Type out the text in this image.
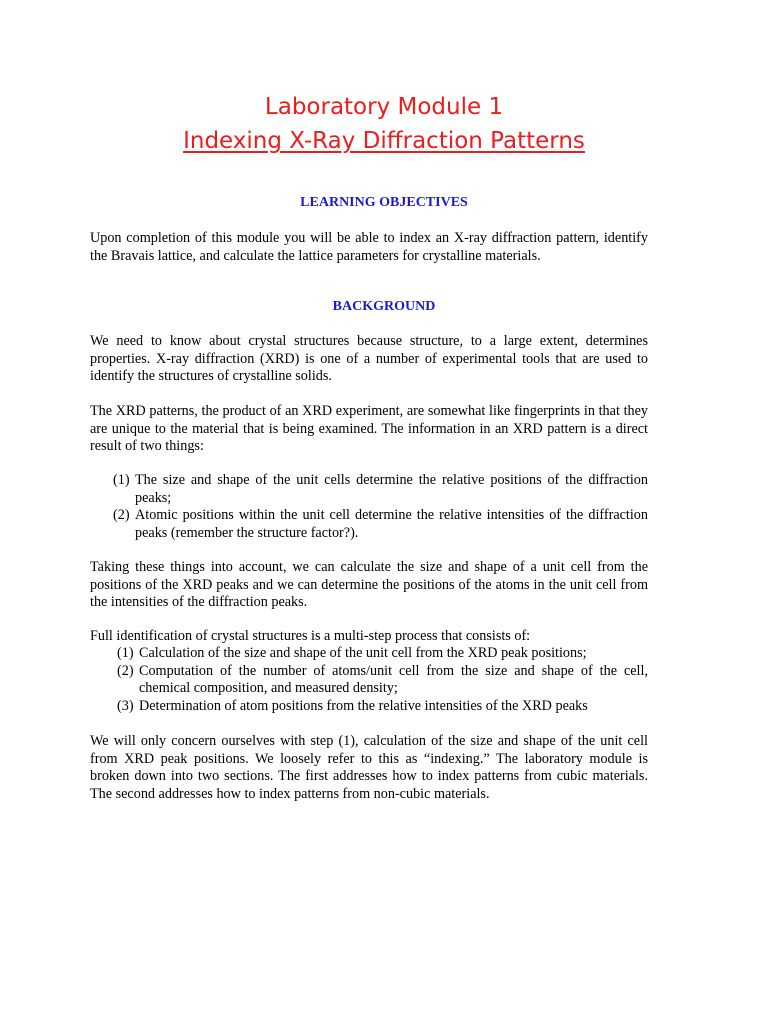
Laboratory Module 1
Indexing X-Ray Diffraction Patterns
LEARNING OBJECTIVES
Upon completion of this module you will be able to index an X-ray diffraction pattern, identify the Bravais lattice, and calculate the lattice parameters for crystalline materials.
BACKGROUND
We need to know about crystal structures because structure, to a large extent, determines properties. X-ray diffraction (XRD) is one of a number of experimental tools that are used to identify the structures of crystalline solids.
The XRD patterns, the product of an XRD experiment, are somewhat like fingerprints in that they are unique to the material that is being examined. The information in an XRD pattern is a direct result of two things:
(1) The size and shape of the unit cells determine the relative positions of the diffraction peaks;
(2) Atomic positions within the unit cell determine the relative intensities of the diffraction peaks (remember the structure factor?).
Taking these things into account, we can calculate the size and shape of a unit cell from the positions of the XRD peaks and we can determine the positions of the atoms in the unit cell from the intensities of the diffraction peaks.
Full identification of crystal structures is a multi-step process that consists of:
(1) Calculation of the size and shape of the unit cell from the XRD peak positions;
(2) Computation of the number of atoms/unit cell from the size and shape of the cell, chemical composition, and measured density;
(3) Determination of atom positions from the relative intensities of the XRD peaks
We will only concern ourselves with step (1), calculation of the size and shape of the unit cell from XRD peak positions. We loosely refer to this as “indexing.” The laboratory module is broken down into two sections. The first addresses how to index patterns from cubic materials. The second addresses how to index patterns from non-cubic materials.
